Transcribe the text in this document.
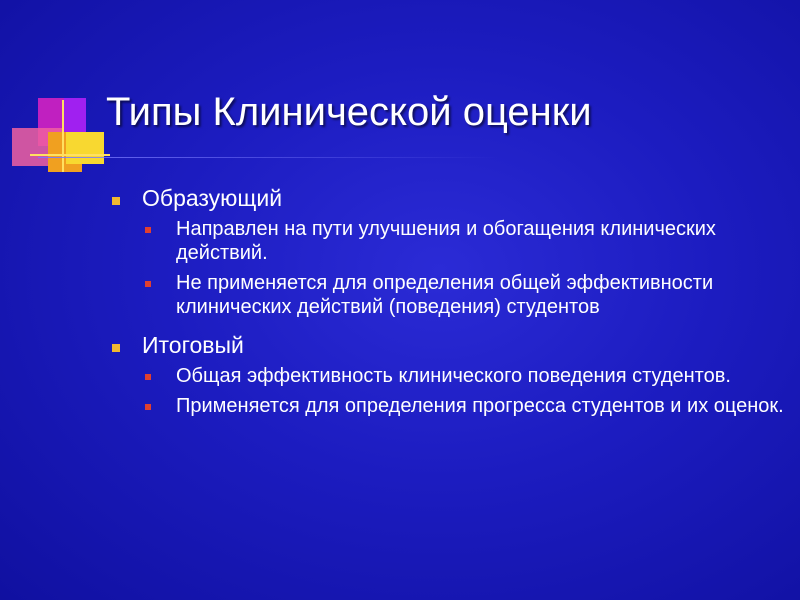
Типы Клинической оценки
Образующий
Направлен на пути улучшения и обогащения клинических действий.
Не применяется для определения общей эффективности клинических действий (поведения) студентов
Итоговый
Общая эффективность клинического поведения студентов.
Применяется для определения прогресса студентов и их оценок.
